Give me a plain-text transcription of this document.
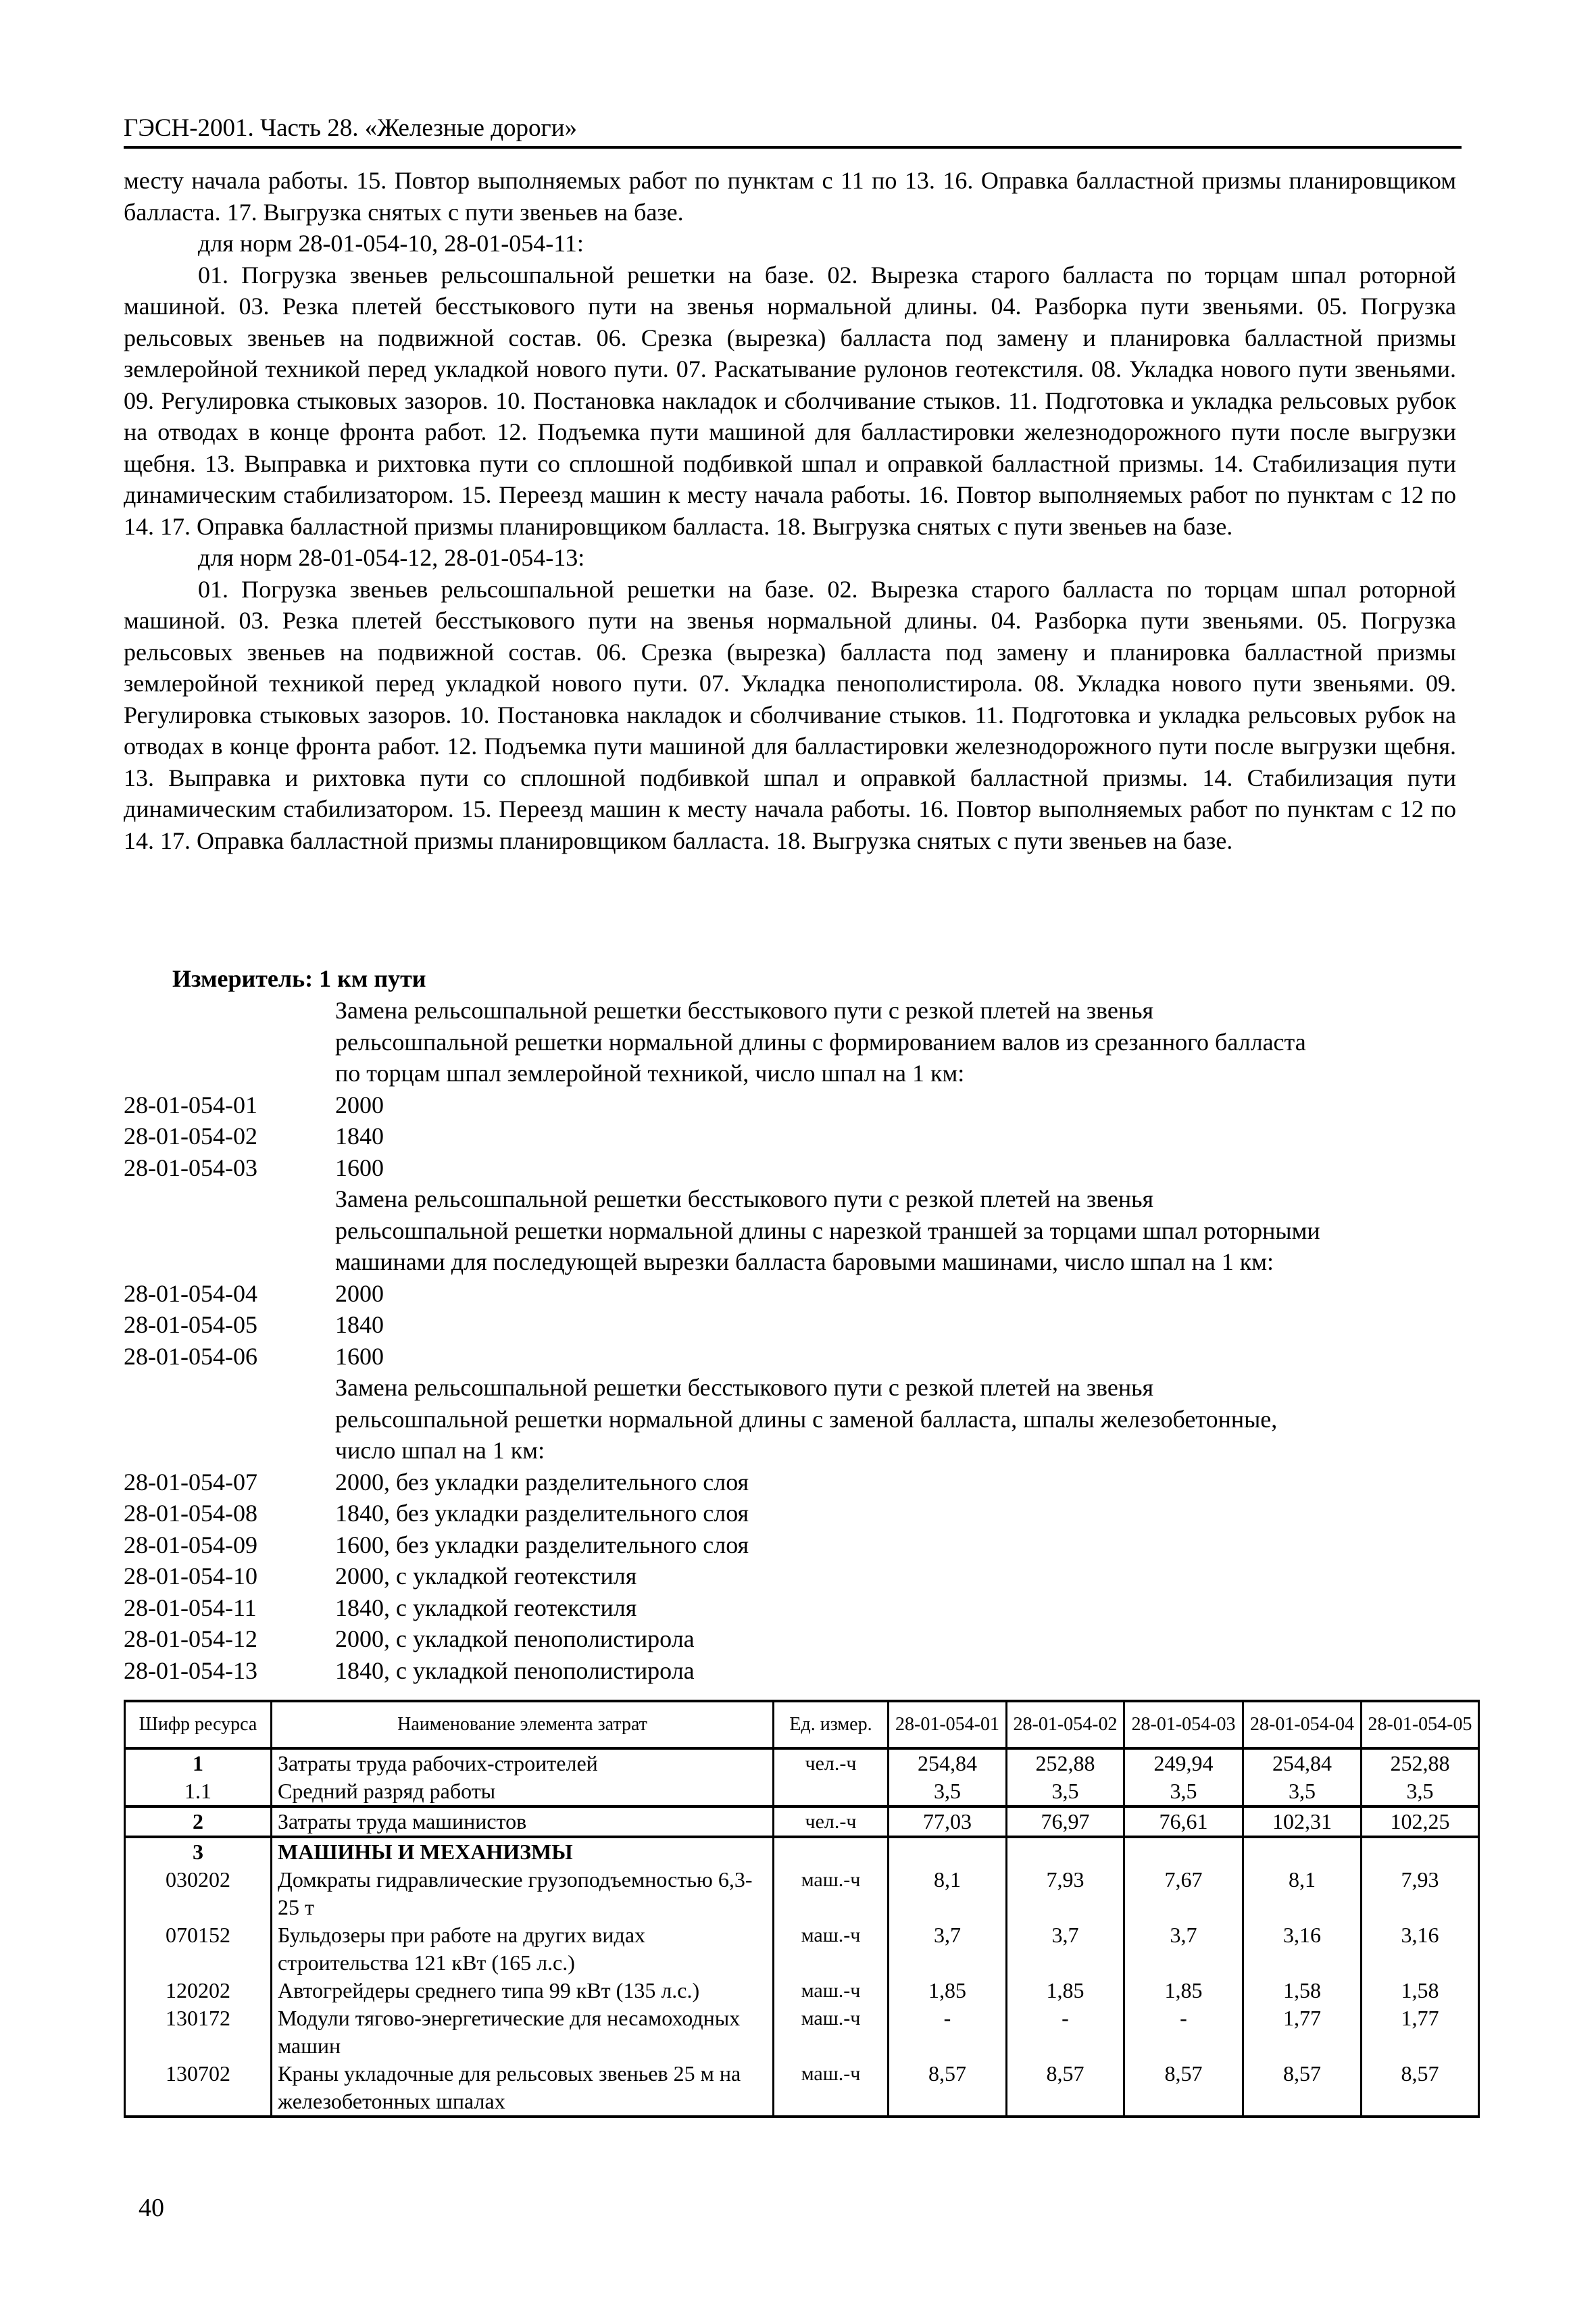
ГЭСН-2001. Часть 28. «Железные дороги»

месту начала работы. 15. Повтор выполняемых работ по пунктам с 11 по 13. 16. Оправка балластной призмы планировщиком балласта. 17. Выгрузка снятых с пути звеньев на базе.

для норм 28-01-054-10, 28-01-054-11:

01. Погрузка звеньев рельсошпальной решетки на базе. 02. Вырезка старого балласта по торцам шпал роторной машиной. 03. Резка плетей бесстыкового пути на звенья нормальной длины. 04. Разборка пути звеньями. 05. Погрузка рельсовых звеньев на подвижной состав. 06. Срезка (вырезка) балласта под замену и планировка балластной призмы землеройной техникой перед укладкой нового пути. 07. Раскатывание рулонов геотекстиля. 08. Укладка нового пути звеньями. 09. Регулировка стыковых зазоров. 10. Постановка накладок и сболчивание стыков. 11. Подготовка и укладка рельсовых рубок на отводах в конце фронта работ. 12. Подъемка пути машиной для балластировки железнодорожного пути после выгрузки щебня. 13. Выправка и рихтовка пути со сплошной подбивкой шпал и оправкой балластной призмы. 14. Стабилизация пути динамическим стабилизатором. 15. Переезд машин к месту начала работы. 16. Повтор выполняемых работ по пунктам с 12 по 14. 17. Оправка балластной призмы планировщиком балласта. 18. Выгрузка снятых с пути звеньев на базе.

для норм 28-01-054-12, 28-01-054-13:

01. Погрузка звеньев рельсошпальной решетки на базе. 02. Вырезка старого балласта по торцам шпал роторной машиной. 03. Резка плетей бесстыкового пути на звенья нормальной длины. 04. Разборка пути звеньями. 05. Погрузка рельсовых звеньев на подвижной состав. 06. Срезка (вырезка) балласта под замену и планировка балластной призмы землеройной техникой перед укладкой нового пути. 07. Укладка пенополистирола. 08. Укладка нового пути звеньями. 09. Регулировка стыковых зазоров. 10. Постановка накладок и сболчивание стыков. 11. Подготовка и укладка рельсовых рубок на отводах в конце фронта работ. 12. Подъемка пути машиной для балластировки железнодорожного пути после выгрузки щебня. 13. Выправка и рихтовка пути со сплошной подбивкой шпал и оправкой балластной призмы. 14. Стабилизация пути динамическим стабилизатором. 15. Переезд машин к месту начала работы. 16. Повтор выполняемых работ по пунктам с 12 по 14. 17. Оправка балластной призмы планировщиком балласта. 18. Выгрузка снятых с пути звеньев на базе.

Измеритель: 1 км пути
Замена рельсошпальной решетки бесстыкового пути с резкой плетей на звенья
рельсошпальной решетки нормальной длины с формированием валов из срезанного балласта
по торцам шпал землеройной техникой, число шпал на 1 км:
28-01-054-01	2000
28-01-054-02	1840
28-01-054-03	1600
Замена рельсошпальной решетки бесстыкового пути с резкой плетей на звенья
рельсошпальной решетки нормальной длины с нарезкой траншей за торцами шпал роторными
машинами для последующей вырезки балласта баровыми машинами, число шпал на 1 км:
28-01-054-04	2000
28-01-054-05	1840
28-01-054-06	1600
Замена рельсошпальной решетки бесстыкового пути с резкой плетей на звенья
рельсошпальной решетки нормальной длины с заменой балласта, шпалы железобетонные,
число шпал на 1 км:
28-01-054-07	2000, без укладки разделительного слоя
28-01-054-08	1840, без укладки разделительного слоя
28-01-054-09	1600, без укладки разделительного слоя
28-01-054-10	2000, с укладкой геотекстиля
28-01-054-11	1840, с укладкой геотекстиля
28-01-054-12	2000, с укладкой пенополистирола
28-01-054-13	1840, с укладкой пенополистирола
Шифр ресурса	Наименование элемента затрат	Ед. измер.	28-01-054-01	28-01-054-02	28-01-054-03	28-01-054-04	28-01-054-05
1	Затраты труда рабочих-строителей	чел.-ч	254,84	252,88	249,94	254,84	252,88
1.1	Средний разряд работы		3,5	3,5	3,5	3,5	3,5
2	Затраты труда машинистов	чел.-ч	77,03	76,97	76,61	102,31	102,25
3	МАШИНЫ И МЕХАНИЗМЫ						
030202	Домкраты гидравлические грузоподъемностью 6,3-25 т	маш.-ч	8,1	7,93	7,67	8,1	7,93
070152	Бульдозеры при работе на других видах строительства 121 кВт (165 л.с.)	маш.-ч	3,7	3,7	3,7	3,16	3,16
120202	Автогрейдеры среднего типа 99 кВт (135 л.с.)	маш.-ч	1,85	1,85	1,85	1,58	1,58
130172	Модули тягово-энергетические для несамоходных машин	маш.-ч	-	-	-	1,77	1,77
130702	Краны укладочные для рельсовых звеньев 25 м на железобетонных шпалах	маш.-ч	8,57	8,57	8,57	8,57	8,57
40
